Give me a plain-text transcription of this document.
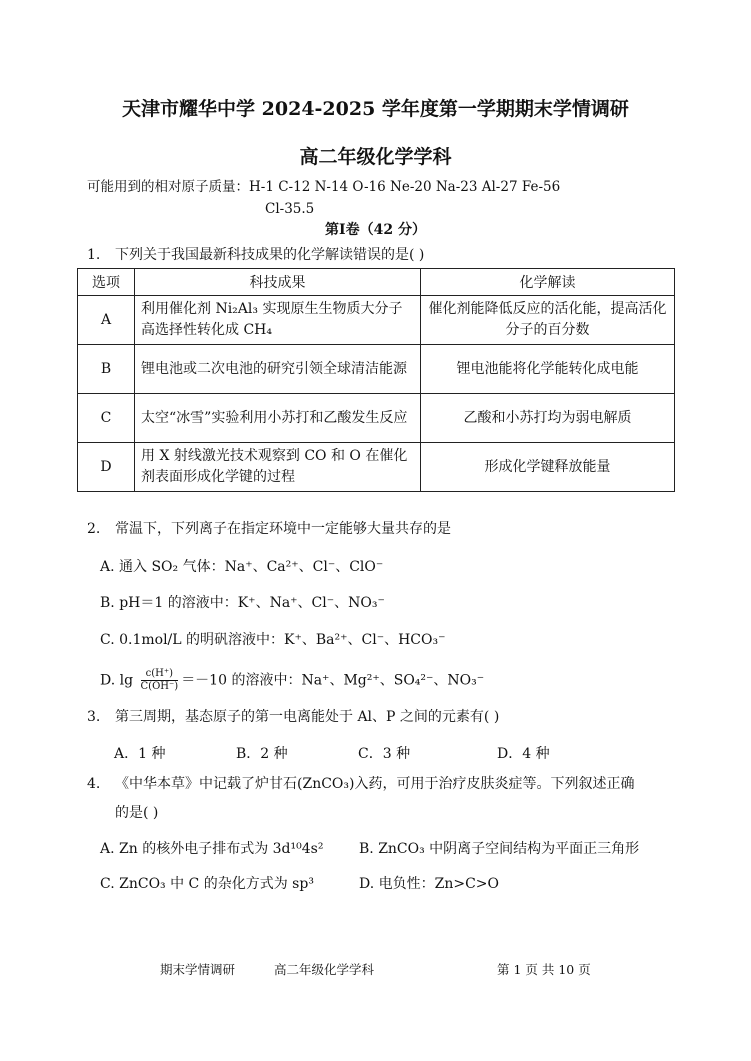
天津市耀华中学 2024-2025 学年度第一学期期末学情调研
高二年级化学学科
可能用到的相对原子质量：H-1 C-12 N-14 O-16 Ne-20 Na-23 Al-27 Fe-56
Cl-35.5
第Ⅰ卷（42 分）
1. 下列关于我国最新科技成果的化学解读错误的是( )
选项	科技成果	化学解读
A	利用催化剂 Ni₂Al₃ 实现原生生物质大分子高选择性转化成 CH₄	催化剂能降低反应的活化能，提高活化分子的百分数
B	锂电池或二次电池的研究引领全球清洁能源	锂电池能将化学能转化成电能
C	太空“冰雪”实验利用小苏打和乙酸发生反应	乙酸和小苏打均为弱电解质
D	用 X 射线激光技术观察到 CO 和 O 在催化剂表面形成化学键的过程	形成化学键释放能量
2. 常温下，下列离子在指定环境中一定能够大量共存的是
A. 通入 SO₂ 气体：Na⁺、Ca²⁺、Cl⁻、ClO⁻
B. pH＝1 的溶液中：K⁺、Na⁺、Cl⁻、NO₃⁻
C. 0.1mol/L 的明矾溶液中：K⁺、Ba²⁺、Cl⁻、HCO₃⁻
D. $\lg \frac{c(H^+)}{C(OH^-)} =-10$ 的溶液中：Na⁺、Mg²⁺、SO₄²⁻、NO₃⁻
3. 第三周期，基态原子的第一电离能处于 Al、P 之间的元素有( )
A．1 种	B．2 种	C．3 种	D．4 种
4. 《中华本草》中记载了炉甘石(ZnCO₃)入药，可用于治疗皮肤炎症等。下列叙述正确
的是( )
A. Zn 的核外电子排布式为 3d¹⁰4s²	B. ZnCO₃ 中阴离子空间结构为平面正三角形
C. ZnCO₃ 中 C 的杂化方式为 sp³	D. 电负性：Zn>C>O
期末学情调研	高二年级化学学科	第 1 页 共 10 页
